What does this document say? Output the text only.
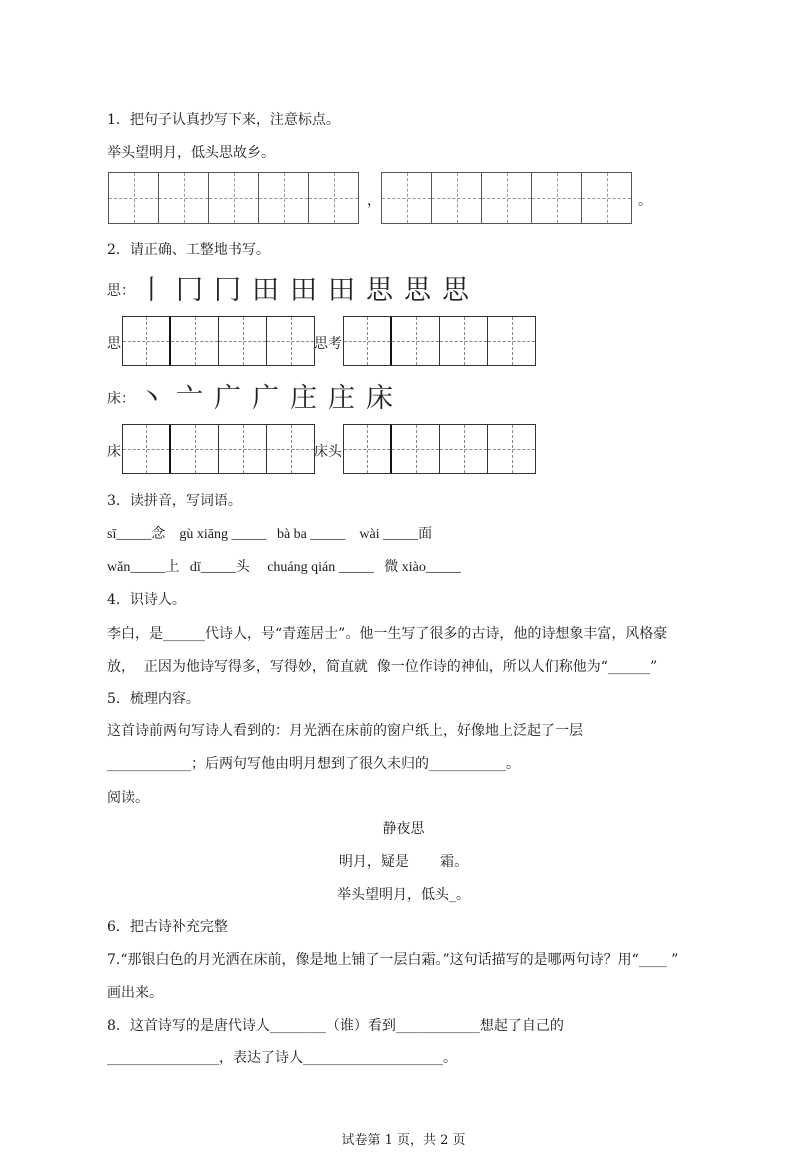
1．把句子认真抄写下来，注意标点。
举头望明月，低头思故乡。
，	。
2．请正确、工整地书写。
思： 丨冂冂田田田思思思
思	思考
床： 丶亠广广庄庄床
床	床头
3．读拼音，写词语。
sī_____念    gù xiāng _____   bà ba _____    wài _____面
wǎn_____上   dī_____头     chuáng qián _____   微 xiào_____
4．识诗人。
李白，是______代诗人，号“青莲居士”。他一生写了很多的古诗，他的诗想象丰富，风格豪
放，  正因为他诗写得多，写得妙，简直就  像一位作诗的神仙，所以人们称他为“______”
5．梳理内容。
这首诗前两句写诗人看到的：月光洒在床前的窗户纸上，好像地上泛起了一层
____________；后两句写他由明月想到了很久未归的___________。
阅读。
静夜思
明月，疑是       霜。
举头望明月，低头_。
6．把古诗补充完整
7.“那银白色的月光洒在床前，像是地上铺了一层白霜。”这句话描写的是哪两句诗？用“____ ”
画出来。
8．这首诗写的是唐代诗人________（谁）看到____________想起了自己的
________________，表达了诗人____________________。
试卷第 1 页，共 2 页
